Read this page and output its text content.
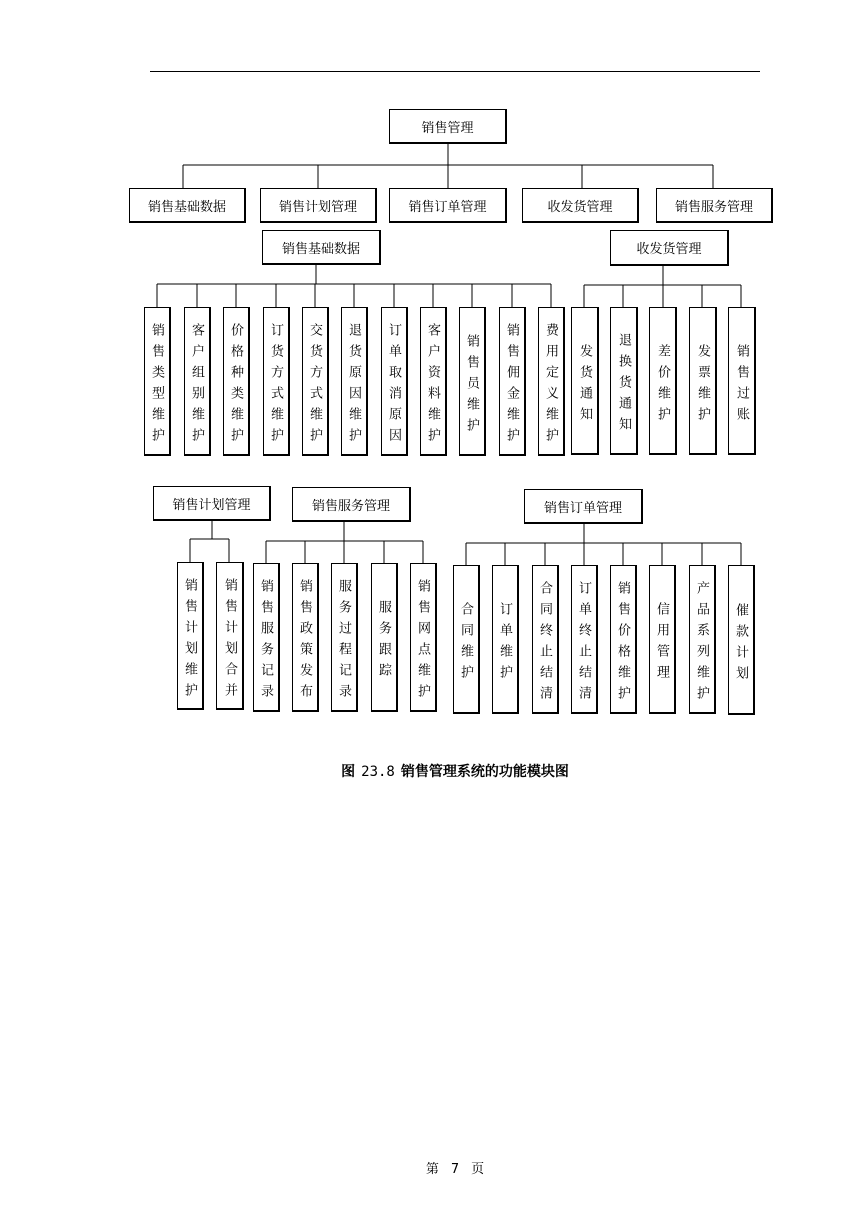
销售管理
销售基础数据	销售计划管理	销售订单管理	收发货管理	销售服务管理
销售基础数据
销售类型维护	客户组别维护	价格种类维护	订货方式维护	交货方式维护	退货原因维护	订单取消原因	客户资料维护	销售员维护	销售佣金维护	费用定义维护
收发货管理
发货通知	退换货通知	差价维护	发票维护	销售过账
销售计划管理
销售计划维护	销售计划合并
销售服务管理
销售服务记录	销售政策发布	服务过程记录	服务跟踪	销售网点维护
销售订单管理
合同维护	订单维护	合同终止结清	订单终止结清	销售价格维护	信用管理	产品系列维护	催款计划
图 23.8 销售管理系统的功能模块图
第 7 页
